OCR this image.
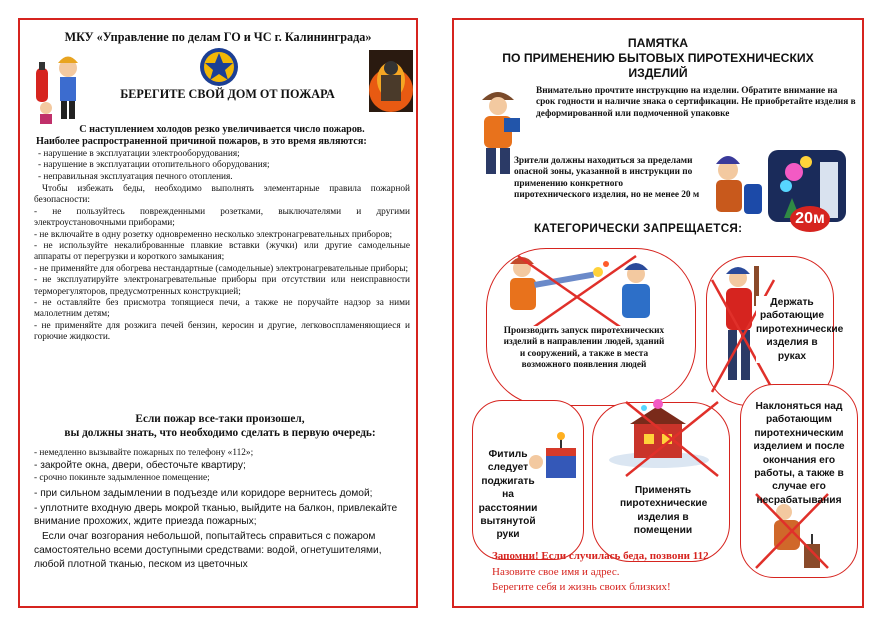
МКУ «Управление по делам ГО и ЧС г. Калининграда»
БЕРЕГИТЕ СВОЙ ДОМ ОТ ПОЖАРА
С наступлением холодов резко увеличивается число пожаров.
Наиболее распространенной причиной пожаров, в это время являются:
- нарушение в эксплуатации электрооборудования;
- нарушение в эксплуатации отопительного оборудования;
- неправильная эксплуатация печного отопления.
Чтобы избежать беды, необходимо выполнять элементарные правила пожарной безопасности:
- не пользуйтесь поврежденными розетками, выключателями и другими электроустановочными приборами;
- не включайте в одну розетку одновременно несколько электронагревательных приборов;
- не используйте некалиброванные плавкие вставки (жучки) или другие самодельные аппараты от перегрузки и короткого замыкания;
- не применяйте для обогрева нестандартные (самодельные) электронагревательные приборы;
- не эксплуатируйте электронагревательные приборы при отсутствии или неисправности терморегуляторов, предусмотренных конструкцией;
- не оставляйте без присмотра топящиеся печи, а также не поручайте надзор за ними малолетним детям;
- не применяйте для розжига печей бензин, керосин и другие, легковоспламеняющиеся и горючие жидкости.
Если пожар все-таки произошел,
вы должны знать, что необходимо сделать в первую очередь:
- немедленно вызывайте пожарных по телефону «112»;
- закройте окна, двери, обесточьте квартиру;
- срочно покиньте задымленное помещение;
- при сильном задымлении в подъезде или коридоре вернитесь домой;
- уплотните входную дверь мокрой тканью, выйдите на балкон, привлекайте внимание прохожих, ждите приезда пожарных;
Если очаг возгорания небольшой, попытайтесь справиться с пожаром самостоятельно всеми доступными средствами: водой, огнетушителями, любой плотной тканью, песком из цветочных
ПАМЯТКА
ПО ПРИМЕНЕНИЮ БЫТОВЫХ ПИРОТЕХНИЧЕСКИХ
ИЗДЕЛИЙ
Внимательно прочтите инструкцию на изделии. Обратите внимание на срок годности и наличие знака о сертификации. Не приобретайте изделия в деформированной или подмоченной упаковке
Зрители должны находиться за пределами опасной зоны, указанной в инструкции по применению конкретного пиротехнического изделия, но не менее 20 м
20м
КАТЕГОРИЧЕСКИ ЗАПРЕЩАЕТСЯ:
Производить запуск пиротехнических изделий в направлении людей, зданий и сооружений, а также в места возможного появления людей
Держать работающие пиротехнические изделия в руках
Фитиль следует поджигать на расстоянии вытянутой руки
Применять пиротехнические изделия в помещении
Наклоняться над работающим пиротехническим изделием и после окончания его работы, а также в случае его несрабатывания
Запомни! Если случилась беда, позвони 112
Назовите свое имя и адрес.
Берегите себя и жизнь своих близких!
